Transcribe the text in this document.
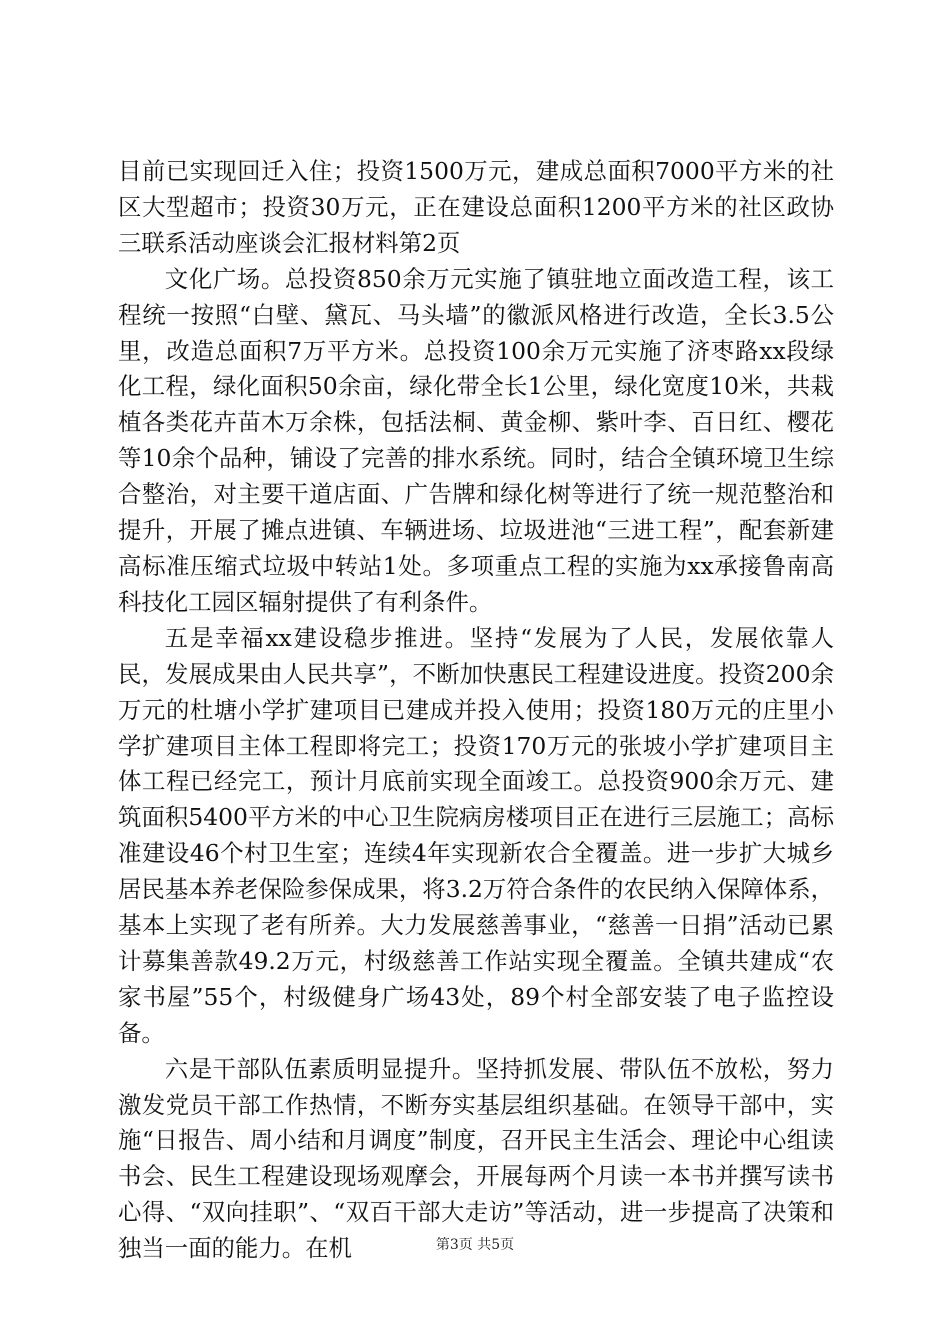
目前已实现回迁入住；投资1500万元，建成总面积7000平方米的社区大型超市；投资30万元，正在建设总面积1200平方米的社区政协三联系活动座谈会汇报材料第2页

文化广场。总投资850余万元实施了镇驻地立面改造工程，该工程统一按照“白壁、黛瓦、马头墙”的徽派风格进行改造，全长3.5公里，改造总面积7万平方米。总投资100余万元实施了济枣路xx段绿化工程，绿化面积50余亩，绿化带全长1公里，绿化宽度10米，共栽植各类花卉苗木万余株，包括法桐、黄金柳、紫叶李、百日红、樱花等10余个品种，铺设了完善的排水系统。同时，结合全镇环境卫生综合整治，对主要干道店面、广告牌和绿化树等进行了统一规范整治和提升，开展了摊点进镇、车辆进场、垃圾进池“三进工程”，配套新建高标准压缩式垃圾中转站1处。多项重点工程的实施为xx承接鲁南高科技化工园区辐射提供了有利条件。

五是幸福xx建设稳步推进。坚持“发展为了人民，发展依靠人民，发展成果由人民共享”，不断加快惠民工程建设进度。投资200余万元的杜塘小学扩建项目已建成并投入使用；投资180万元的庄里小学扩建项目主体工程即将完工；投资170万元的张坡小学扩建项目主体工程已经完工，预计月底前实现全面竣工。总投资900余万元、建筑面积5400平方米的中心卫生院病房楼项目正在进行三层施工；高标准建设46个村卫生室；连续4年实现新农合全覆盖。进一步扩大城乡居民基本养老保险参保成果，将3.2万符合条件的农民纳入保障体系，基本上实现了老有所养。大力发展慈善事业，“慈善一日捐”活动已累计募集善款49.2万元，村级慈善工作站实现全覆盖。全镇共建成“农家书屋”55个，村级健身广场43处，89个村全部安装了电子监控设备。

六是干部队伍素质明显提升。坚持抓发展、带队伍不放松，努力激发党员干部工作热情，不断夯实基层组织基础。在领导干部中，实施“日报告、周小结和月调度”制度，召开民主生活会、理论中心组读书会、民生工程建设现场观摩会，开展每两个月读一本书并撰写读书心得、“双向挂职”、“双百干部大走访”等活动，进一步提高了决策和独当一面的能力。在机	第3页 共5页
